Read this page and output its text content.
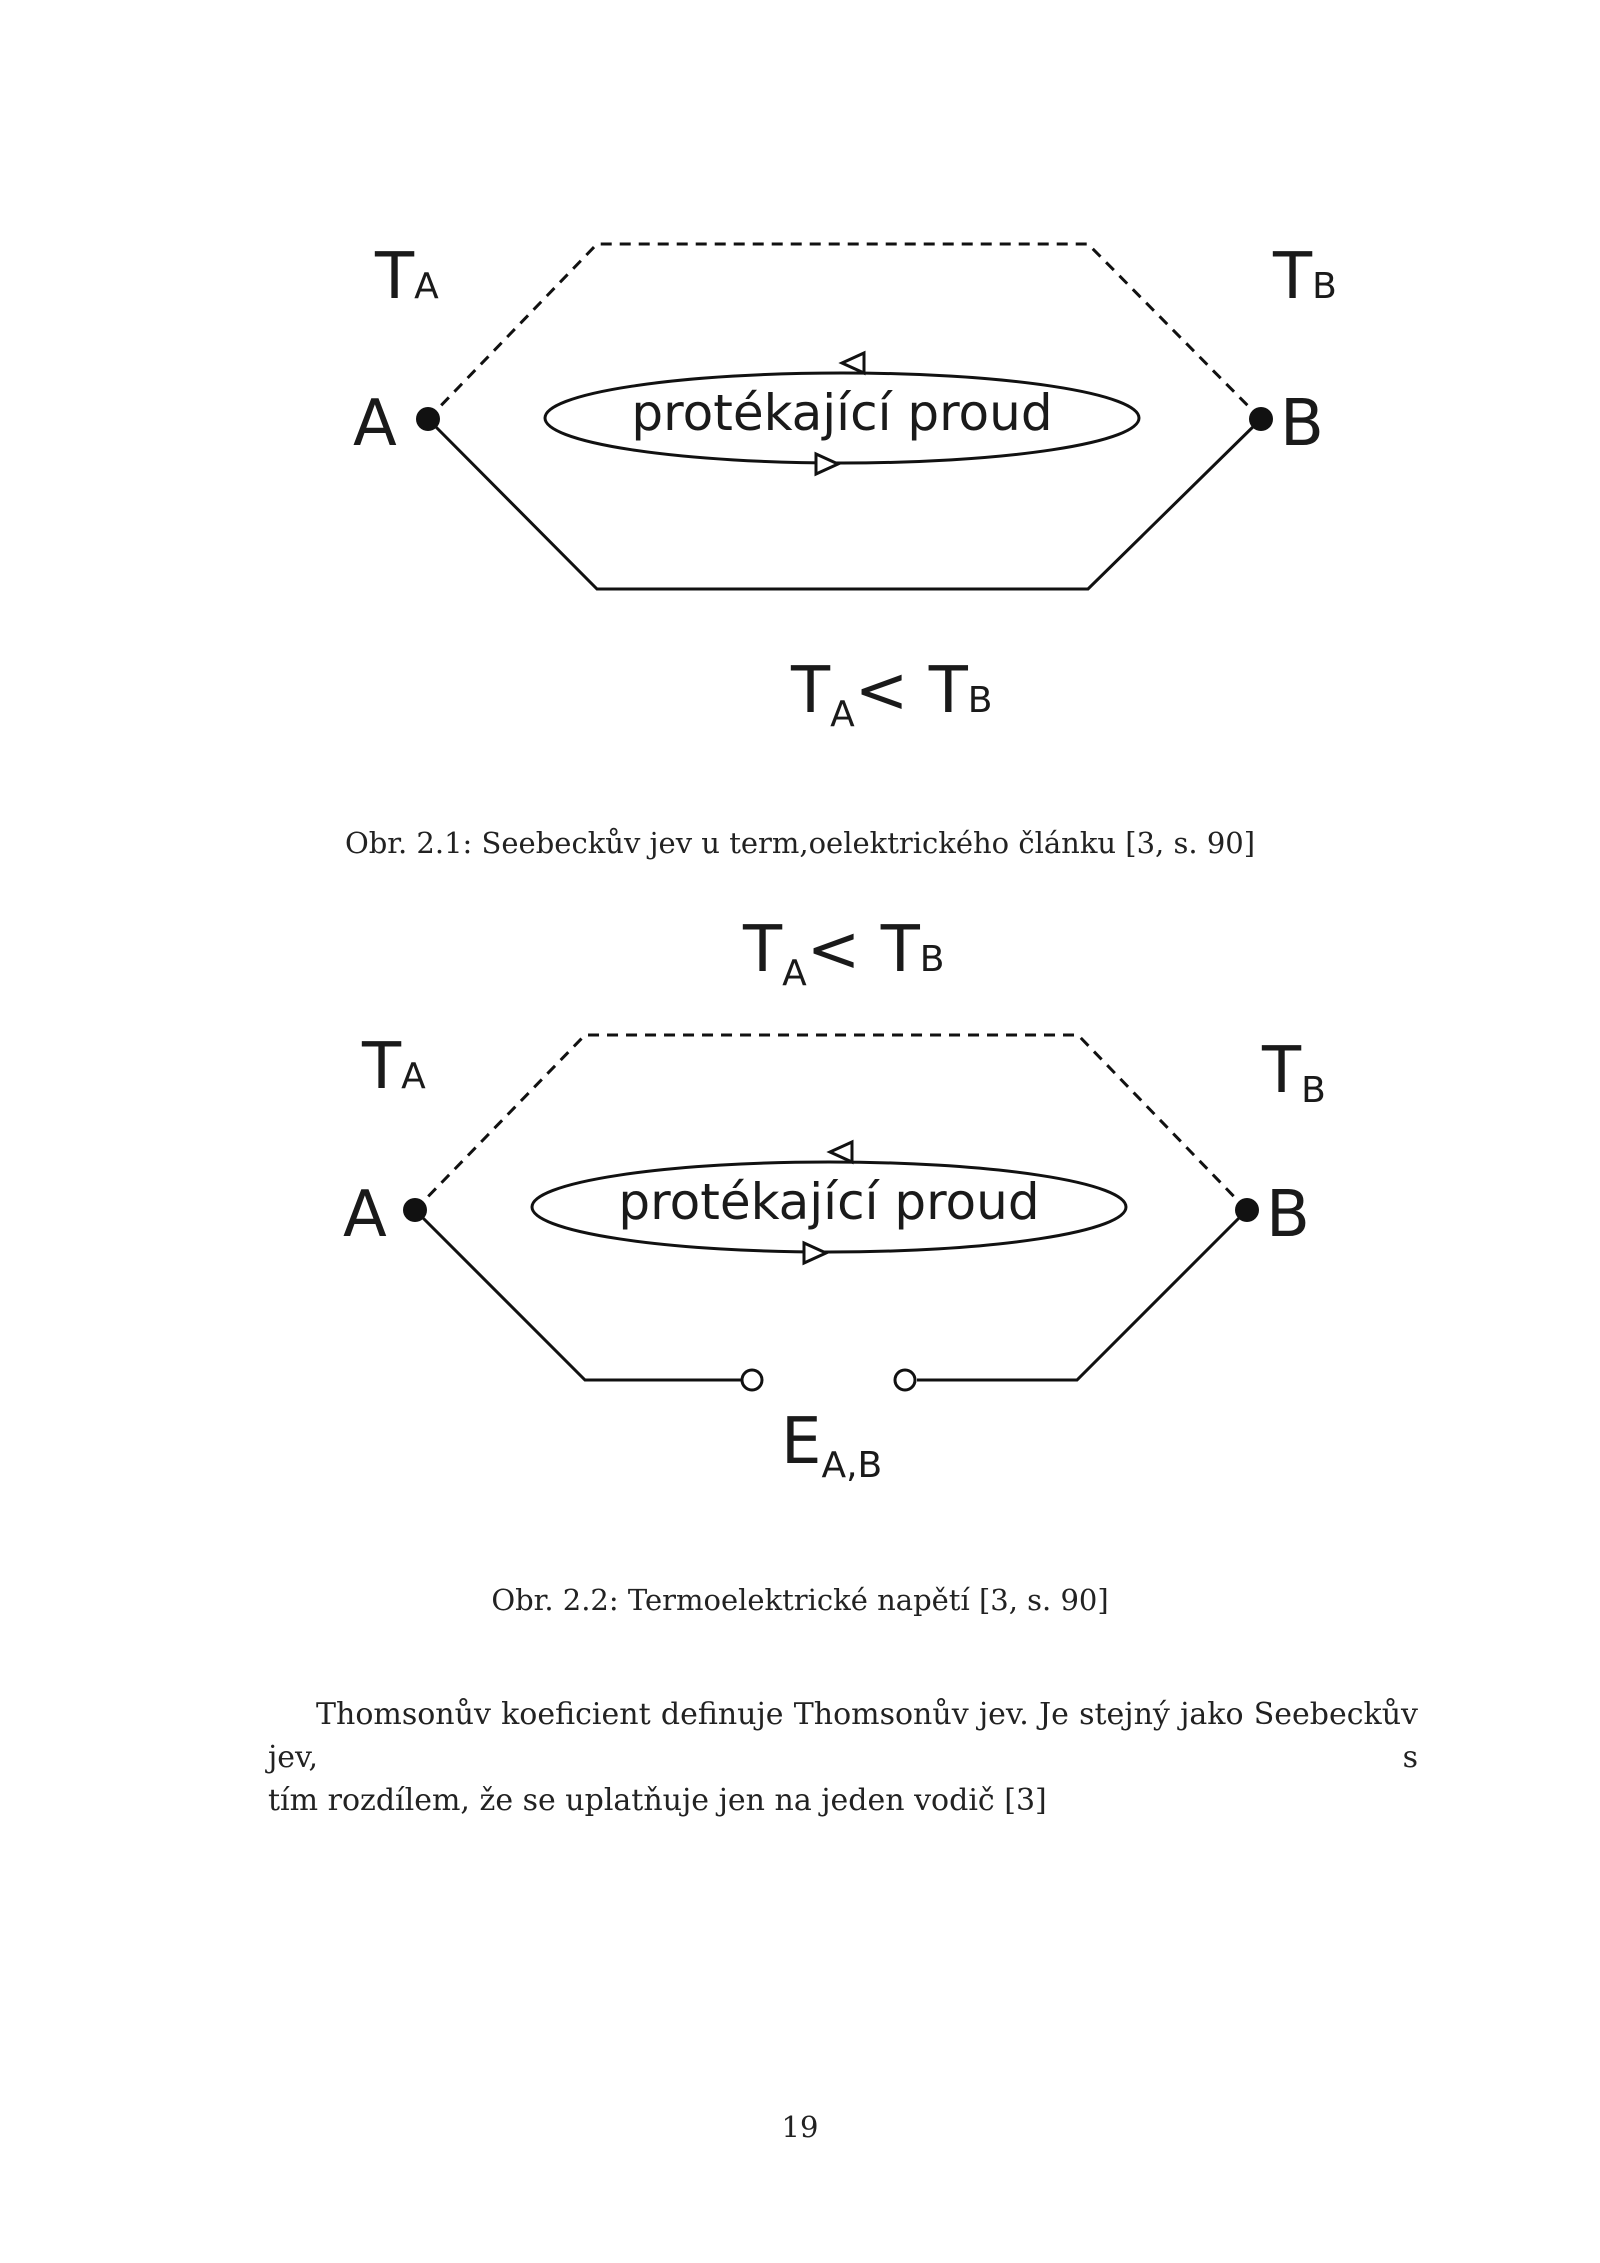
TA	TB
A	B
protékající proud
$T_A<$ TB
Obr. 2.1: Seebeckův jev u term,oelektrického článku [3, s. 90]
$T_A<$ TB
TA	TB
A	B
protékající proud
$E_{A,B}$
Obr. 2.2: Termoelektrické napětí [3, s. 90]
Thomsonův koeficient definuje Thomsonův jev. Je stejný jako Seebeckův jev, s
tím rozdílem, že se uplatňuje jen na jeden vodič [3]
19
